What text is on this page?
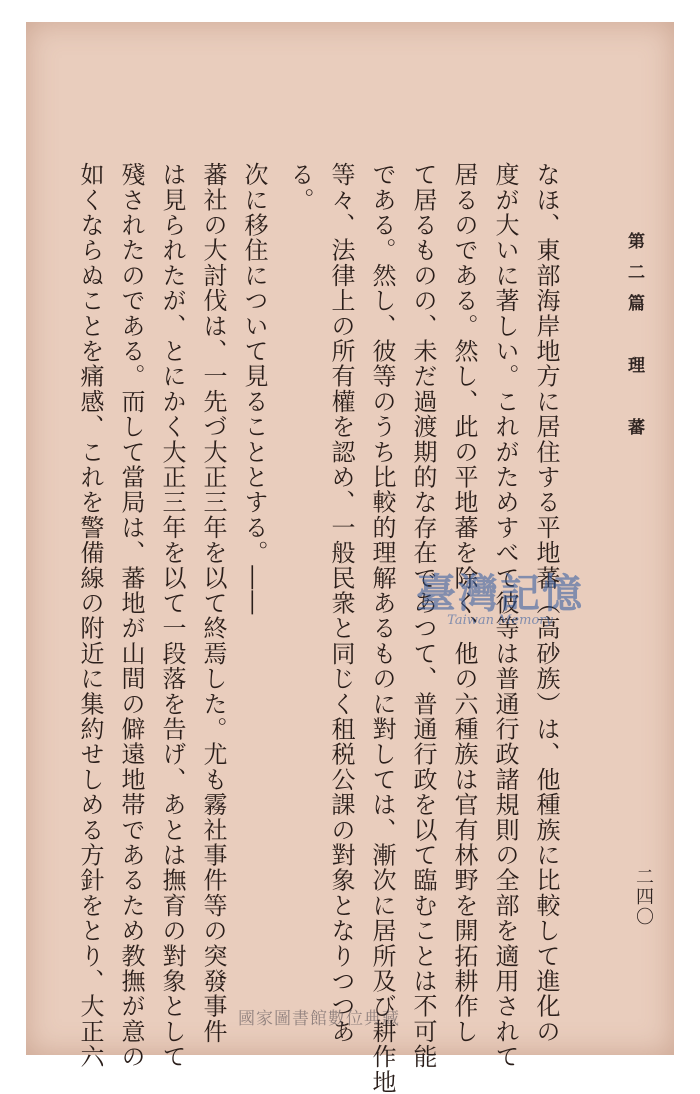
第二篇　理　蕃
二四〇
なほ、東部海岸地方に居住する平地蕃（高砂族）は、他種族に比較して進化の
度が大いに著しい。これがためすべて彼等は普通行政諸規則の全部を適用されて
居るのである。然し、此の平地蕃を除く、他の六種族は官有林野を開拓耕作し
て居るものの、未だ過渡期的な存在であつて、普通行政を以て臨むことは不可能
である。然し、彼等のうち比較的理解あるものに對しては、漸次に居所及び耕作地
等々、法律上の所有權を認め、一般民衆と同じく租税公課の對象となりつつあ
る。
次に移住について見ることとする。――
蕃社の大討伐は、一先づ大正三年を以て終焉した。尤も霧社事件等の突發事件
は見られたが、とにかく大正三年を以て一段落を告げ、あとは撫育の對象として
殘されたのである。而して當局は、蕃地が山間の僻遠地帯であるため教撫が意の
如くならぬことを痛感、これを警備線の附近に集約せしめる方針をとり、大正六	臺灣記憶
Taiwan Memory
國家圖書館數位典藏
